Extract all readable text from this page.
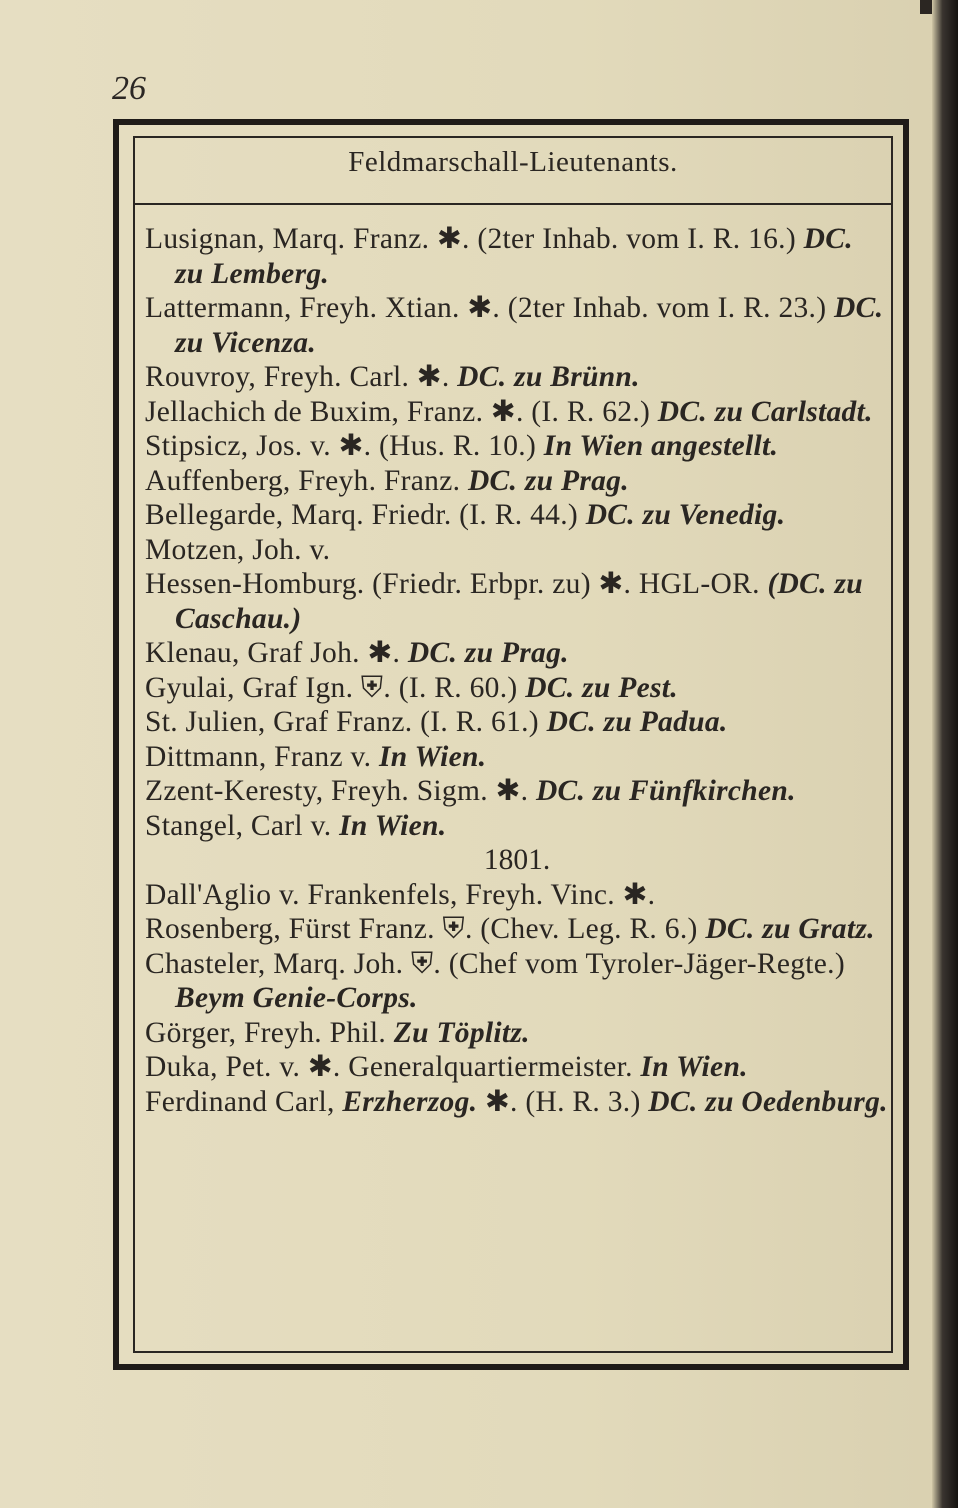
26
Feldmarschall-Lieutenants.
Lusignan, Marq. Franz. ✱. (2ter Inhab. vom I. R. 16.) DC. zu Lemberg.
Lattermann, Freyh. Xtian. ✱. (2ter Inhab. vom I. R. 23.) DC. zu Vicenza.
Rouvroy, Freyh. Carl. ✱. DC. zu Brünn.
Jellachich de Buxim, Franz. ✱. (I. R. 62.) DC. zu Carlstadt.
Stipsicz, Jos. v. ✱. (Hus. R. 10.) In Wien angestellt.
Auffenberg, Freyh. Franz. DC. zu Prag.
Bellegarde, Marq. Friedr. (I. R. 44.) DC. zu Venedig.
Motzen, Joh. v.
Hessen-Homburg. (Friedr. Erbpr. zu) ✱. HGL-OR. (DC. zu Caschau.)
Klenau, Graf Joh. ✱. DC. zu Prag.
Gyulai, Graf Ign. ⛨. (I. R. 60.) DC. zu Pest.
St. Julien, Graf Franz. (I. R. 61.) DC. zu Padua.
Dittmann, Franz v. In Wien.
Zzent-Keresty, Freyh. Sigm. ✱. DC. zu Fünfkirchen.
Stangel, Carl v. In Wien.
1801.
Dall'Aglio v. Frankenfels, Freyh. Vinc. ✱.
Rosenberg, Fürst Franz. ⛨. (Chev. Leg. R. 6.) DC. zu Gratz.
Chasteler, Marq. Joh. ⛨. (Chef vom Tyroler-Jäger-Regte.) Beym Genie-Corps.
Görger, Freyh. Phil. Zu Töplitz.
Duka, Pet. v. ✱. Generalquartiermeister. In Wien.
Ferdinand Carl, Erzherzog. ✱. (H. R. 3.) DC. zu Oedenburg.
